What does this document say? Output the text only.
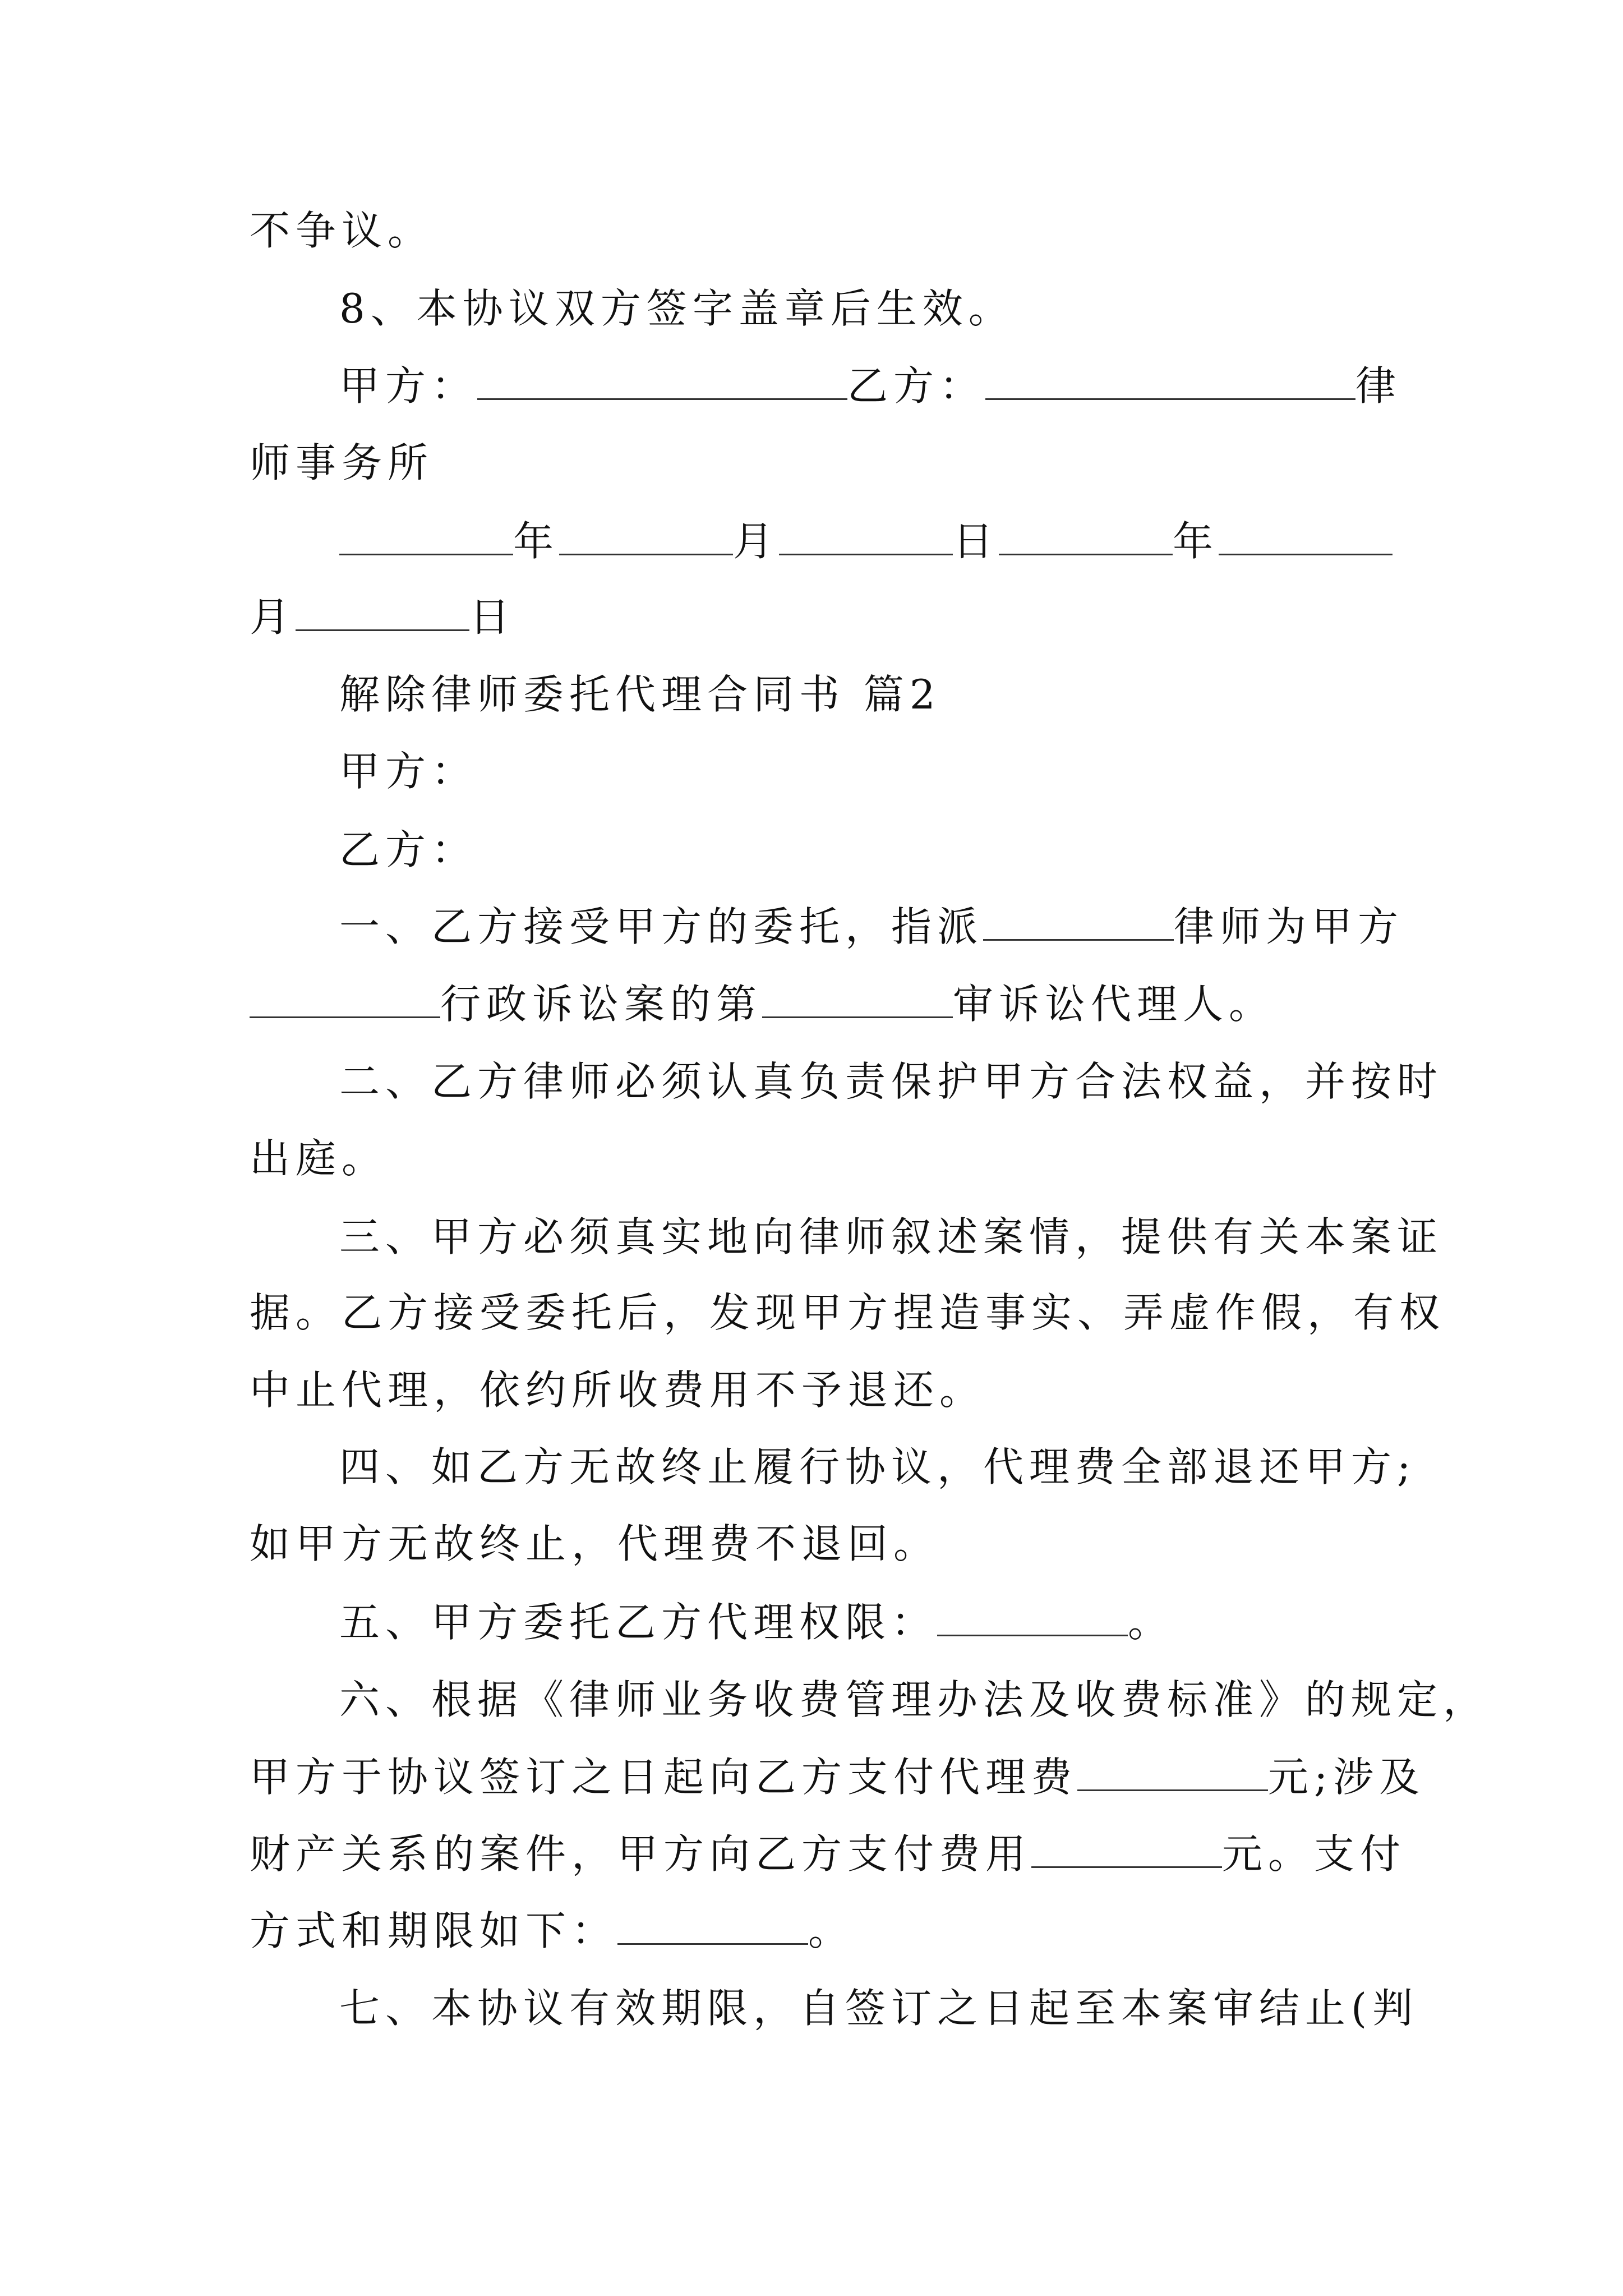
不争议。
8、本协议双方签字盖章后生效。
甲方：	乙方：	律
师事务所
年	月	日	年
月	日
解除律师委托代理合同书 篇2
甲方：
乙方：
一、乙方接受甲方的委托，指派	律师为甲方
行政诉讼案的第	审诉讼代理人。
二、乙方律师必须认真负责保护甲方合法权益，并按时
出庭。
三、甲方必须真实地向律师叙述案情，提供有关本案证
据。乙方接受委托后，发现甲方捏造事实、弄虚作假，有权
中止代理，依约所收费用不予退还。
四、如乙方无故终止履行协议，代理费全部退还甲方;
如甲方无故终止，代理费不退回。
五、甲方委托乙方代理权限：	。
六、根据《律师业务收费管理办法及收费标准》的规定，
甲方于协议签订之日起向乙方支付代理费	元;涉及
财产关系的案件，甲方向乙方支付费用	元。支付
方式和期限如下：	。
七、本协议有效期限，自签订之日起至本案审结止(判
